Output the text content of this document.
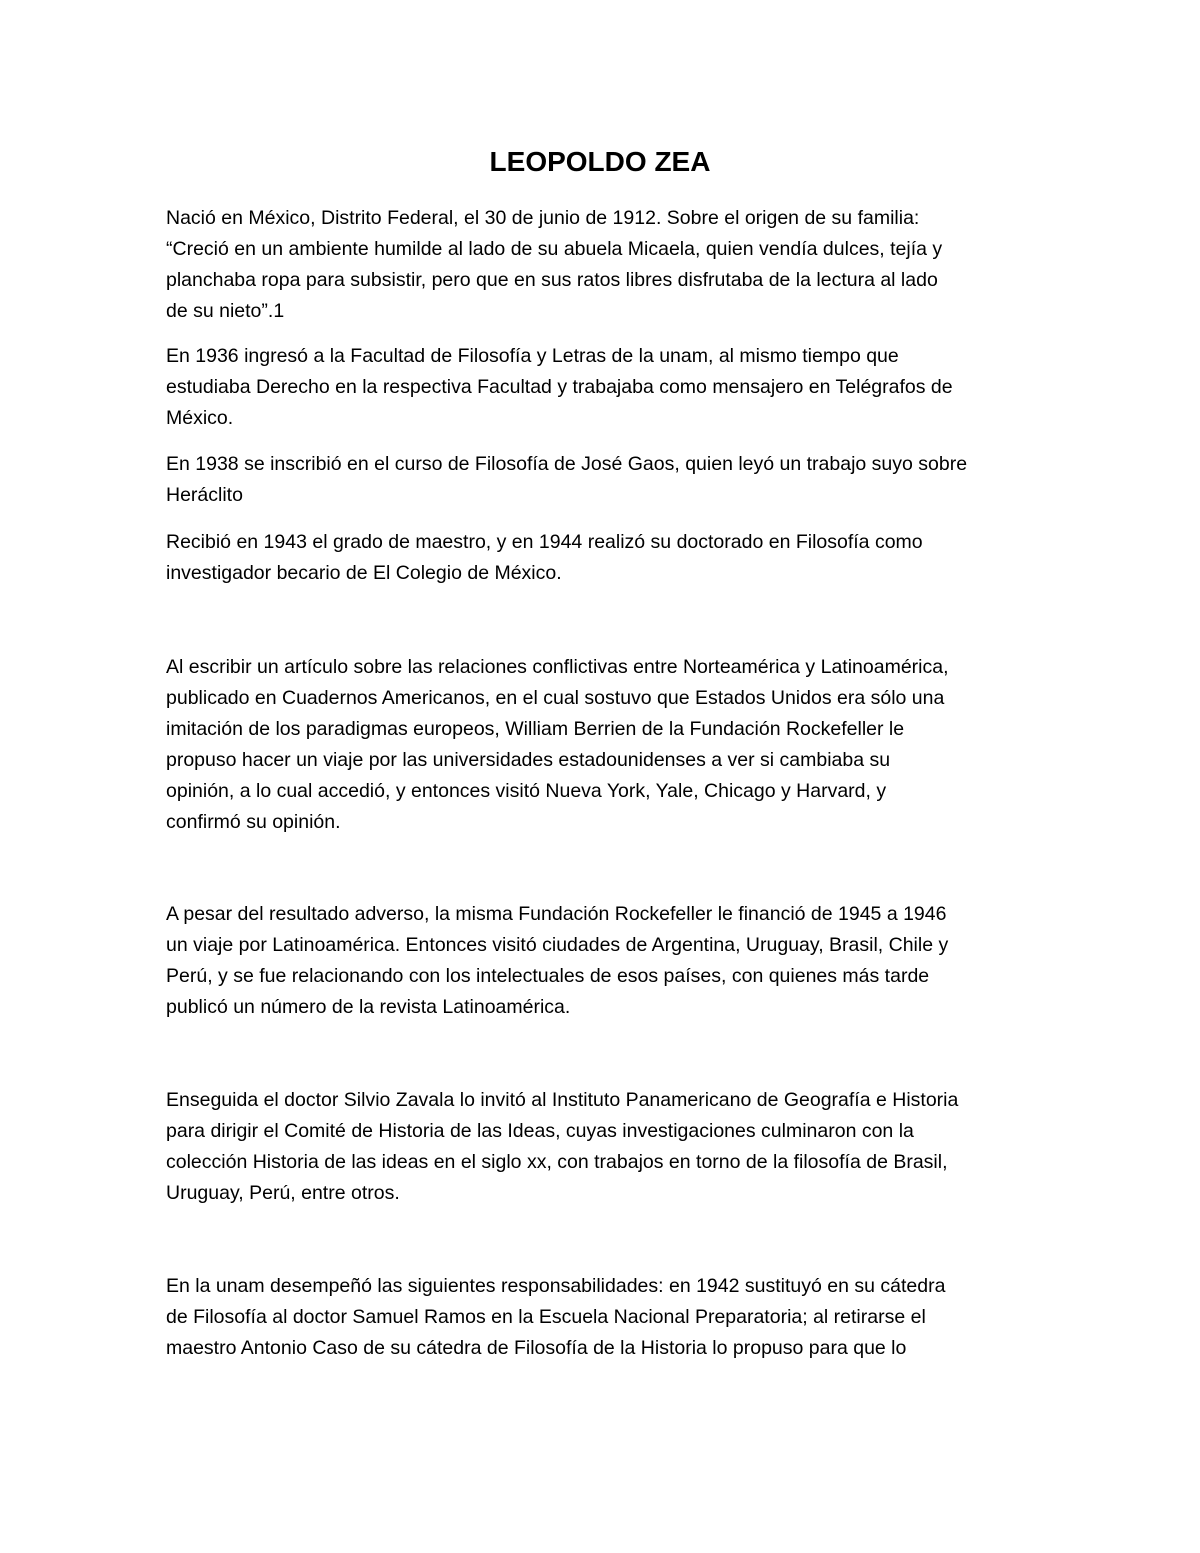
LEOPOLDO ZEA

Nació en México, Distrito Federal, el 30 de junio de 1912. Sobre el origen de su familia:
“Creció en un ambiente humilde al lado de su abuela Micaela, quien vendía dulces, tejía y
planchaba ropa para subsistir, pero que en sus ratos libres disfrutaba de la lectura al lado
de su nieto”.1

En 1936 ingresó a la Facultad de Filosofía y Letras de la unam, al mismo tiempo que
estudiaba Derecho en la respectiva Facultad y trabajaba como mensajero en Telégrafos de
México.

En 1938 se inscribió en el curso de Filosofía de José Gaos, quien leyó un trabajo suyo sobre
Heráclito

Recibió en 1943 el grado de maestro, y en 1944 realizó su doctorado en Filosofía como
investigador becario de El Colegio de México.

Al escribir un artículo sobre las relaciones conflictivas entre Norteamérica y Latinoamérica,
publicado en Cuadernos Americanos, en el cual sostuvo que Estados Unidos era sólo una
imitación de los paradigmas europeos, William Berrien de la Fundación Rockefeller le
propuso hacer un viaje por las universidades estadounidenses a ver si cambiaba su
opinión, a lo cual accedió, y entonces visitó Nueva York, Yale, Chicago y Harvard, y
confirmó su opinión.

A pesar del resultado adverso, la misma Fundación Rockefeller le financió de 1945 a 1946
un viaje por Latinoamérica. Entonces visitó ciudades de Argentina, Uruguay, Brasil, Chile y
Perú, y se fue relacionando con los intelectuales de esos países, con quienes más tarde
publicó un número de la revista Latinoamérica.

Enseguida el doctor Silvio Zavala lo invitó al Instituto Panamericano de Geografía e Historia
para dirigir el Comité de Historia de las Ideas, cuyas investigaciones culminaron con la
colección Historia de las ideas en el siglo xx, con trabajos en torno de la filosofía de Brasil,
Uruguay, Perú, entre otros.

En la unam desempeñó las siguientes responsabilidades: en 1942 sustituyó en su cátedra
de Filosofía al doctor Samuel Ramos en la Escuela Nacional Preparatoria; al retirarse el
maestro Antonio Caso de su cátedra de Filosofía de la Historia lo propuso para que lo
